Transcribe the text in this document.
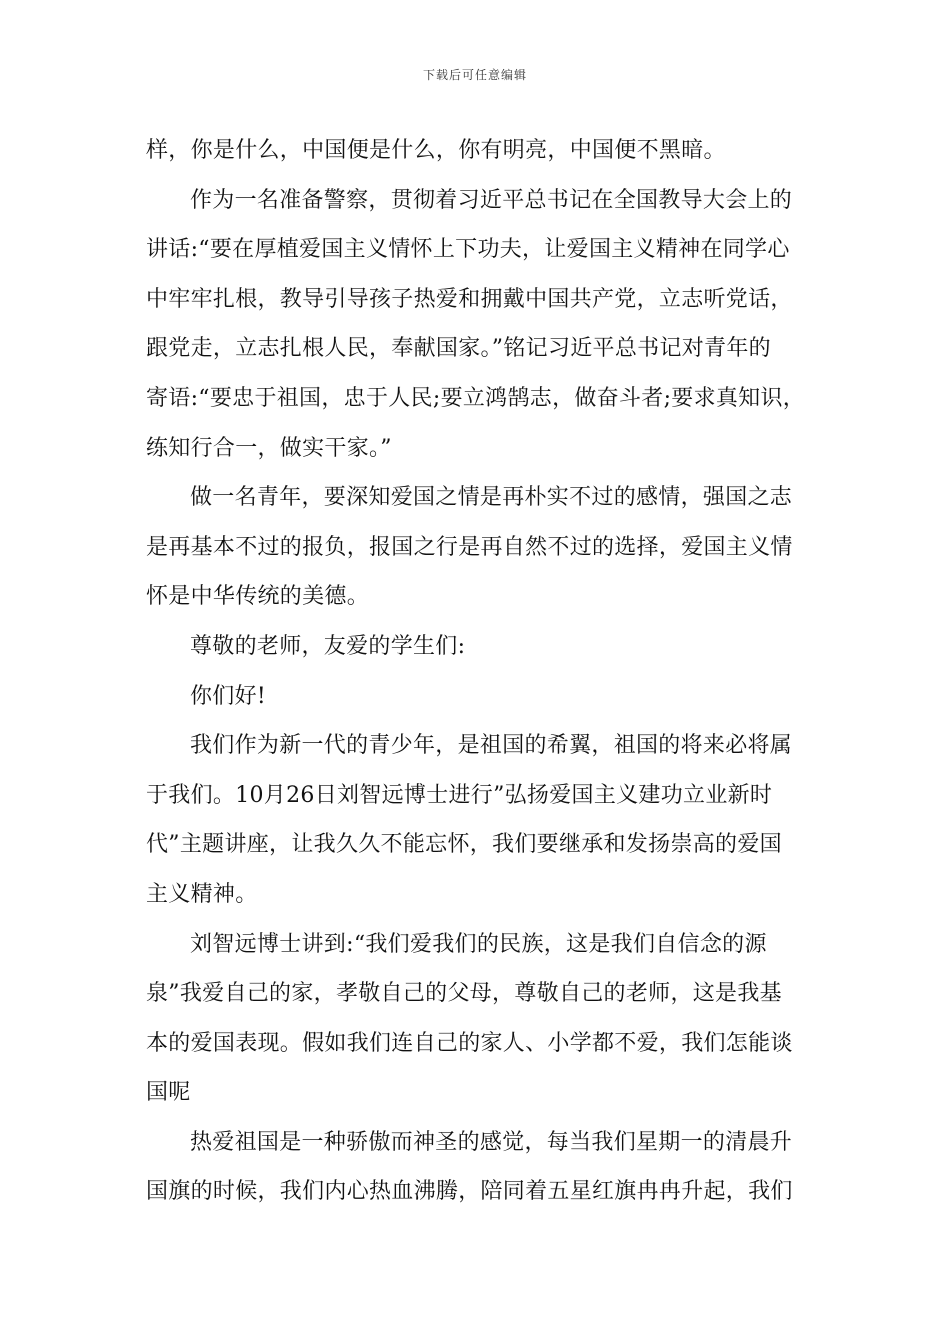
下载后可任意编辑
样，你是什么，中国便是什么，你有明亮，中国便不黑暗。
作为一名准备警察，贯彻着习近平总书记在全国教导大会上的
讲话:“要在厚植爱国主义情怀上下功夫，让爱国主义精神在同学心
中牢牢扎根，教导引导孩子热爱和拥戴中国共产党，立志听党话，
跟党走，立志扎根人民，奉献国家。”铭记习近平总书记对青年的
寄语:“要忠于祖国，忠于人民;要立鸿鹄志，做奋斗者;要求真知识，
练知行合一，做实干家。”
做一名青年，要深知爱国之情是再朴实不过的感情，强国之志
是再基本不过的报负，报国之行是再自然不过的选择，爱国主义情
怀是中华传统的美德。
尊敬的老师，友爱的学生们:
你们好!
我们作为新一代的青少年，是祖国的希翼，祖国的将来必将属
于我们。10月26日刘智远博士进行”弘扬爱国主义建功立业新时
代”主题讲座，让我久久不能忘怀，我们要继承和发扬崇高的爱国
主义精神。
刘智远博士讲到:“我们爱我们的民族，这是我们自信念的源
泉”我爱自己的家，孝敬自己的父母，尊敬自己的老师，这是我基
本的爱国表现。假如我们连自己的家人、小学都不爱，我们怎能谈
国呢
热爱祖国是一种骄傲而神圣的感觉，每当我们星期一的清晨升
国旗的时候，我们内心热血沸腾，陪同着五星红旗冉冉升起，我们
